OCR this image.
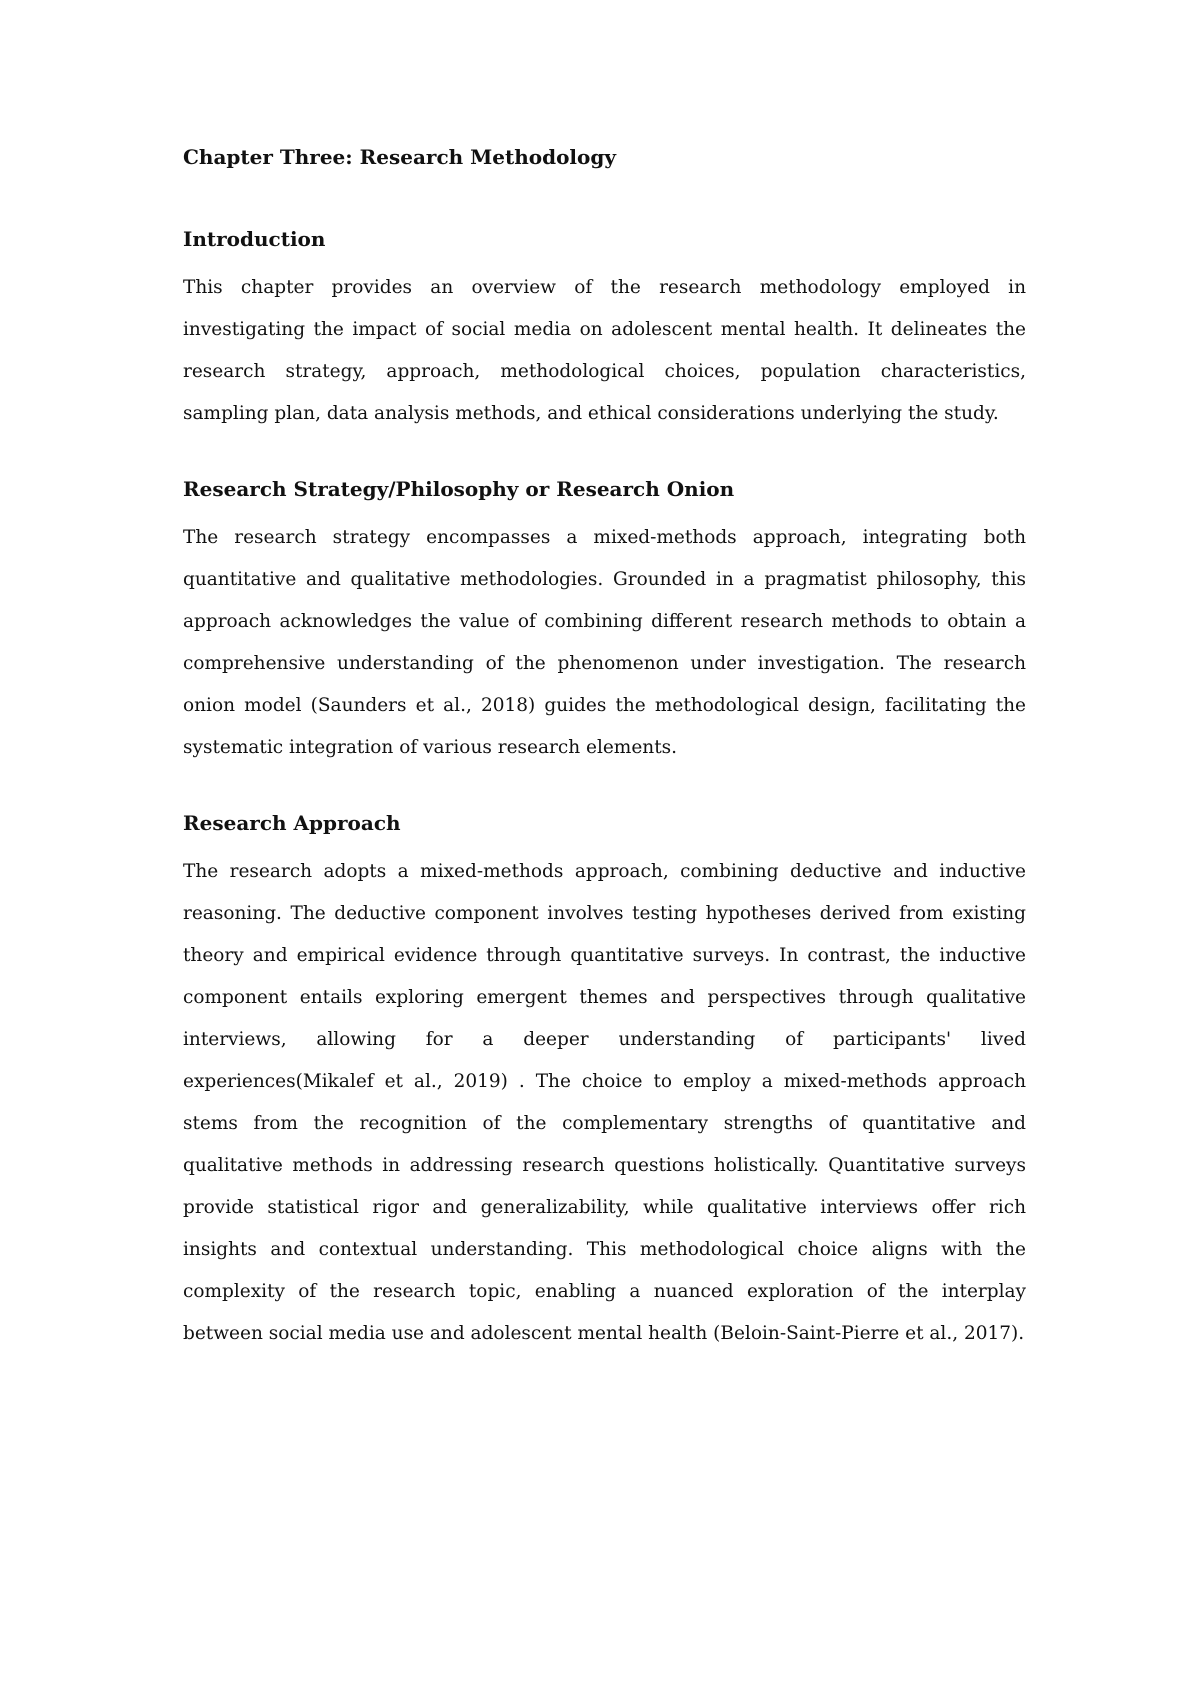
Chapter Three: Research Methodology
Introduction

This chapter provides an overview of the research methodology employed in investigating the impact of social media on adolescent mental health. It delineates the research strategy, approach, methodological choices, population characteristics, sampling plan, data analysis methods, and ethical considerations underlying the study.

Research Strategy/Philosophy or Research Onion

The research strategy encompasses a mixed-methods approach, integrating both quantitative and qualitative methodologies. Grounded in a pragmatist philosophy, this approach acknowledges the value of combining different research methods to obtain a comprehensive understanding of the phenomenon under investigation. The research onion model (Saunders et al., 2018) guides the methodological design, facilitating the systematic integration of various research elements.

Research Approach

The research adopts a mixed-methods approach, combining deductive and inductive reasoning. The deductive component involves testing hypotheses derived from existing theory and empirical evidence through quantitative surveys. In contrast, the inductive component entails exploring emergent themes and perspectives through qualitative interviews, allowing for a deeper understanding of participants' lived experiences(Mikalef et al., 2019) . The choice to employ a mixed-methods approach stems from the recognition of the complementary strengths of quantitative and qualitative methods in addressing research questions holistically. Quantitative surveys provide statistical rigor and generalizability, while qualitative interviews offer rich insights and contextual understanding. This methodological choice aligns with the complexity of the research topic, enabling a nuanced exploration of the interplay between social media use and adolescent mental health (Beloin-Saint-Pierre et al., 2017).
